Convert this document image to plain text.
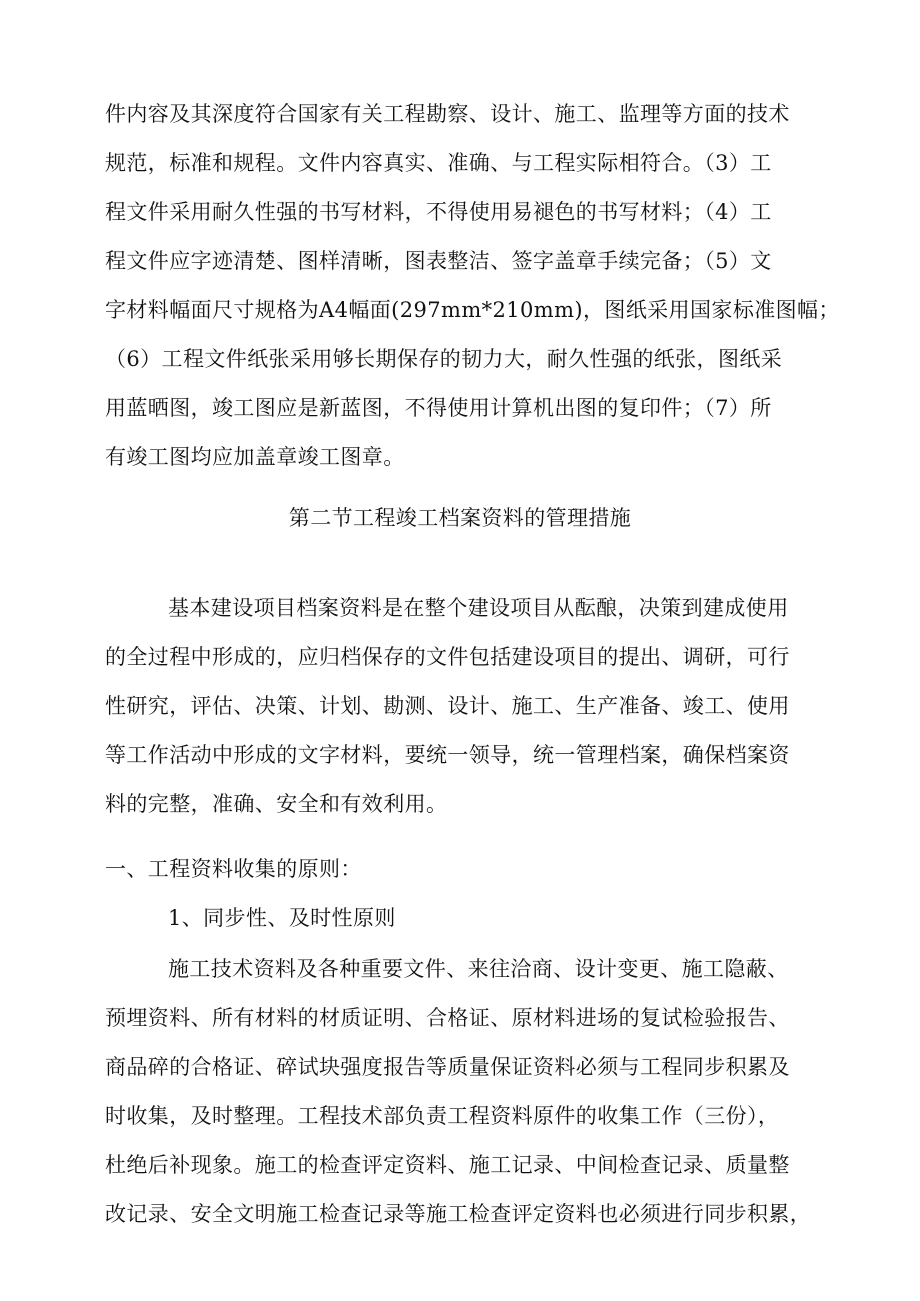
件内容及其深度符合国家有关工程勘察、设计、施工、监理等方面的技术
规范，标准和规程。文件内容真实、准确、与工程实际相符合。（3）工
程文件采用耐久性强的书写材料，不得使用易褪色的书写材料；（4）工
程文件应字迹清楚、图样清晰，图表整洁、签字盖章手续完备；（5）文
字材料幅面尺寸规格为A4幅面(297mm*210mm)，图纸采用国家标准图幅；
（6）工程文件纸张采用够长期保存的韧力大，耐久性强的纸张，图纸采
用蓝晒图，竣工图应是新蓝图，不得使用计算机出图的复印件；（7）所
有竣工图均应加盖章竣工图章。
第二节工程竣工档案资料的管理措施
基本建设项目档案资料是在整个建设项目从酝酿，决策到建成使用
的全过程中形成的，应归档保存的文件包括建设项目的提出、调研，可行
性研究，评估、决策、计划、勘测、设计、施工、生产准备、竣工、使用
等工作活动中形成的文字材料，要统一领导，统一管理档案，确保档案资
料的完整，准确、安全和有效利用。
一、工程资料收集的原则：
1、同步性、及时性原则
施工技术资料及各种重要文件、来往洽商、设计变更、施工隐蔽、
预埋资料、所有材料的材质证明、合格证、原材料进场的复试检验报告、
商品碎的合格证、碎试块强度报告等质量保证资料必须与工程同步积累及
时收集，及时整理。工程技术部负责工程资料原件的收集工作（三份），
杜绝后补现象。施工的检查评定资料、施工记录、中间检查记录、质量整
改记录、安全文明施工检查记录等施工检查评定资料也必须进行同步积累，
